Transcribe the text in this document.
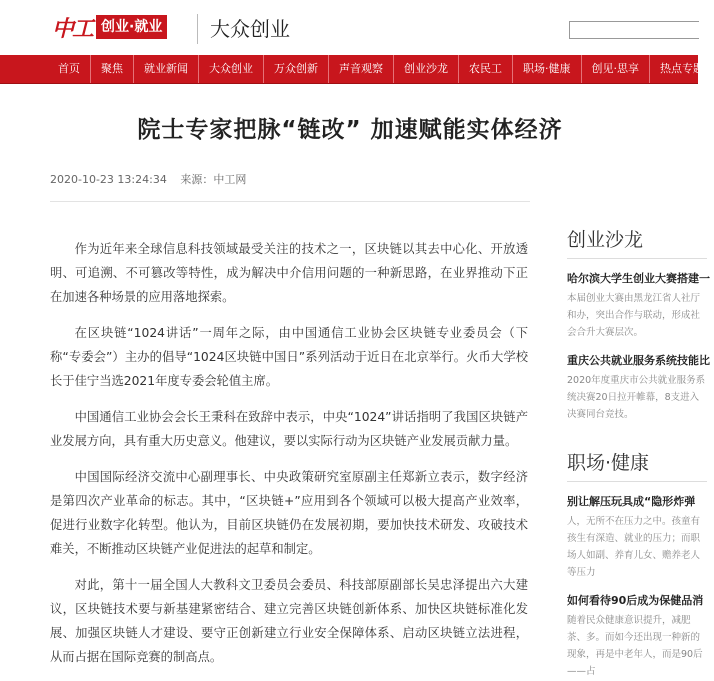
中工 创业·就业 大众创业
首页	聚焦	就业新闻	大众创业	万众创新	声音观察	创业沙龙	农民工	职场·健康	创见·思享	热点专题
院士专家把脉“链改” 加速赋能实体经济
2020-10-23 13:24:34 来源：中工网

作为近年来全球信息科技领域最受关注的技术之一，区块链以其去中心化、开放透明、可追溯、不可篡改等特性，成为解决中介信用问题的一种新思路，在业界推动下正在加速各种场景的应用落地探索。

在区块链“1024讲话”一周年之际，由中国通信工业协会区块链专业委员会（下称“专委会”）主办的倡导“1024区块链中国日”系列活动于近日在北京举行。火币大学校长于佳宁当选2021年度专委会轮值主席。

中国通信工业协会会长王秉科在致辞中表示，中央“1024”讲话指明了我国区块链产业发展方向，具有重大历史意义。他建议，要以实际行动为区块链产业发展贡献力量。

中国国际经济交流中心副理事长、中央政策研究室原副主任郑新立表示，数字经济是第四次产业革命的标志。其中，“区块链+”应用到各个领域可以极大提高产业效率，促进行业数字化转型。他认为，目前区块链仍在发展初期，要加快技术研发、攻破技术难关，不断推动区块链产业促进法的起草和制定。

对此，第十一届全国人大教科文卫委员会委员、科技部原副部长吴忠泽提出六大建议，区块链技术要与新基建紧密结合、建立完善区块链创新体系、加快区块链标准化发展、加强区块链人才建设、要守正创新建立行业安全保障体系、启动区块链立法进程，从而占据在国际竞赛的制高点。

创业沙龙
哈尔滨大学生创业大赛搭建一
本届创业大赛由黑龙江省人社厅和办，突出合作与联动，形成社会合升大赛层次。
重庆公共就业服务系统技能比
2020年度重庆市公共就业服务系统决赛20日拉开帷幕，8支进入决赛同台竞技。
职场·健康
别让解压玩具成“隐形炸弹
人，无所不在压力之中。孩童有孩生有深造、就业的压力；而职场人如副、养育儿女、赡养老人等压力
如何看待90后成为保健品消
随着民众健康意识提升，减肥茶、多。而如今还出现一种新的现象，再是中老年人，而是90后——占
